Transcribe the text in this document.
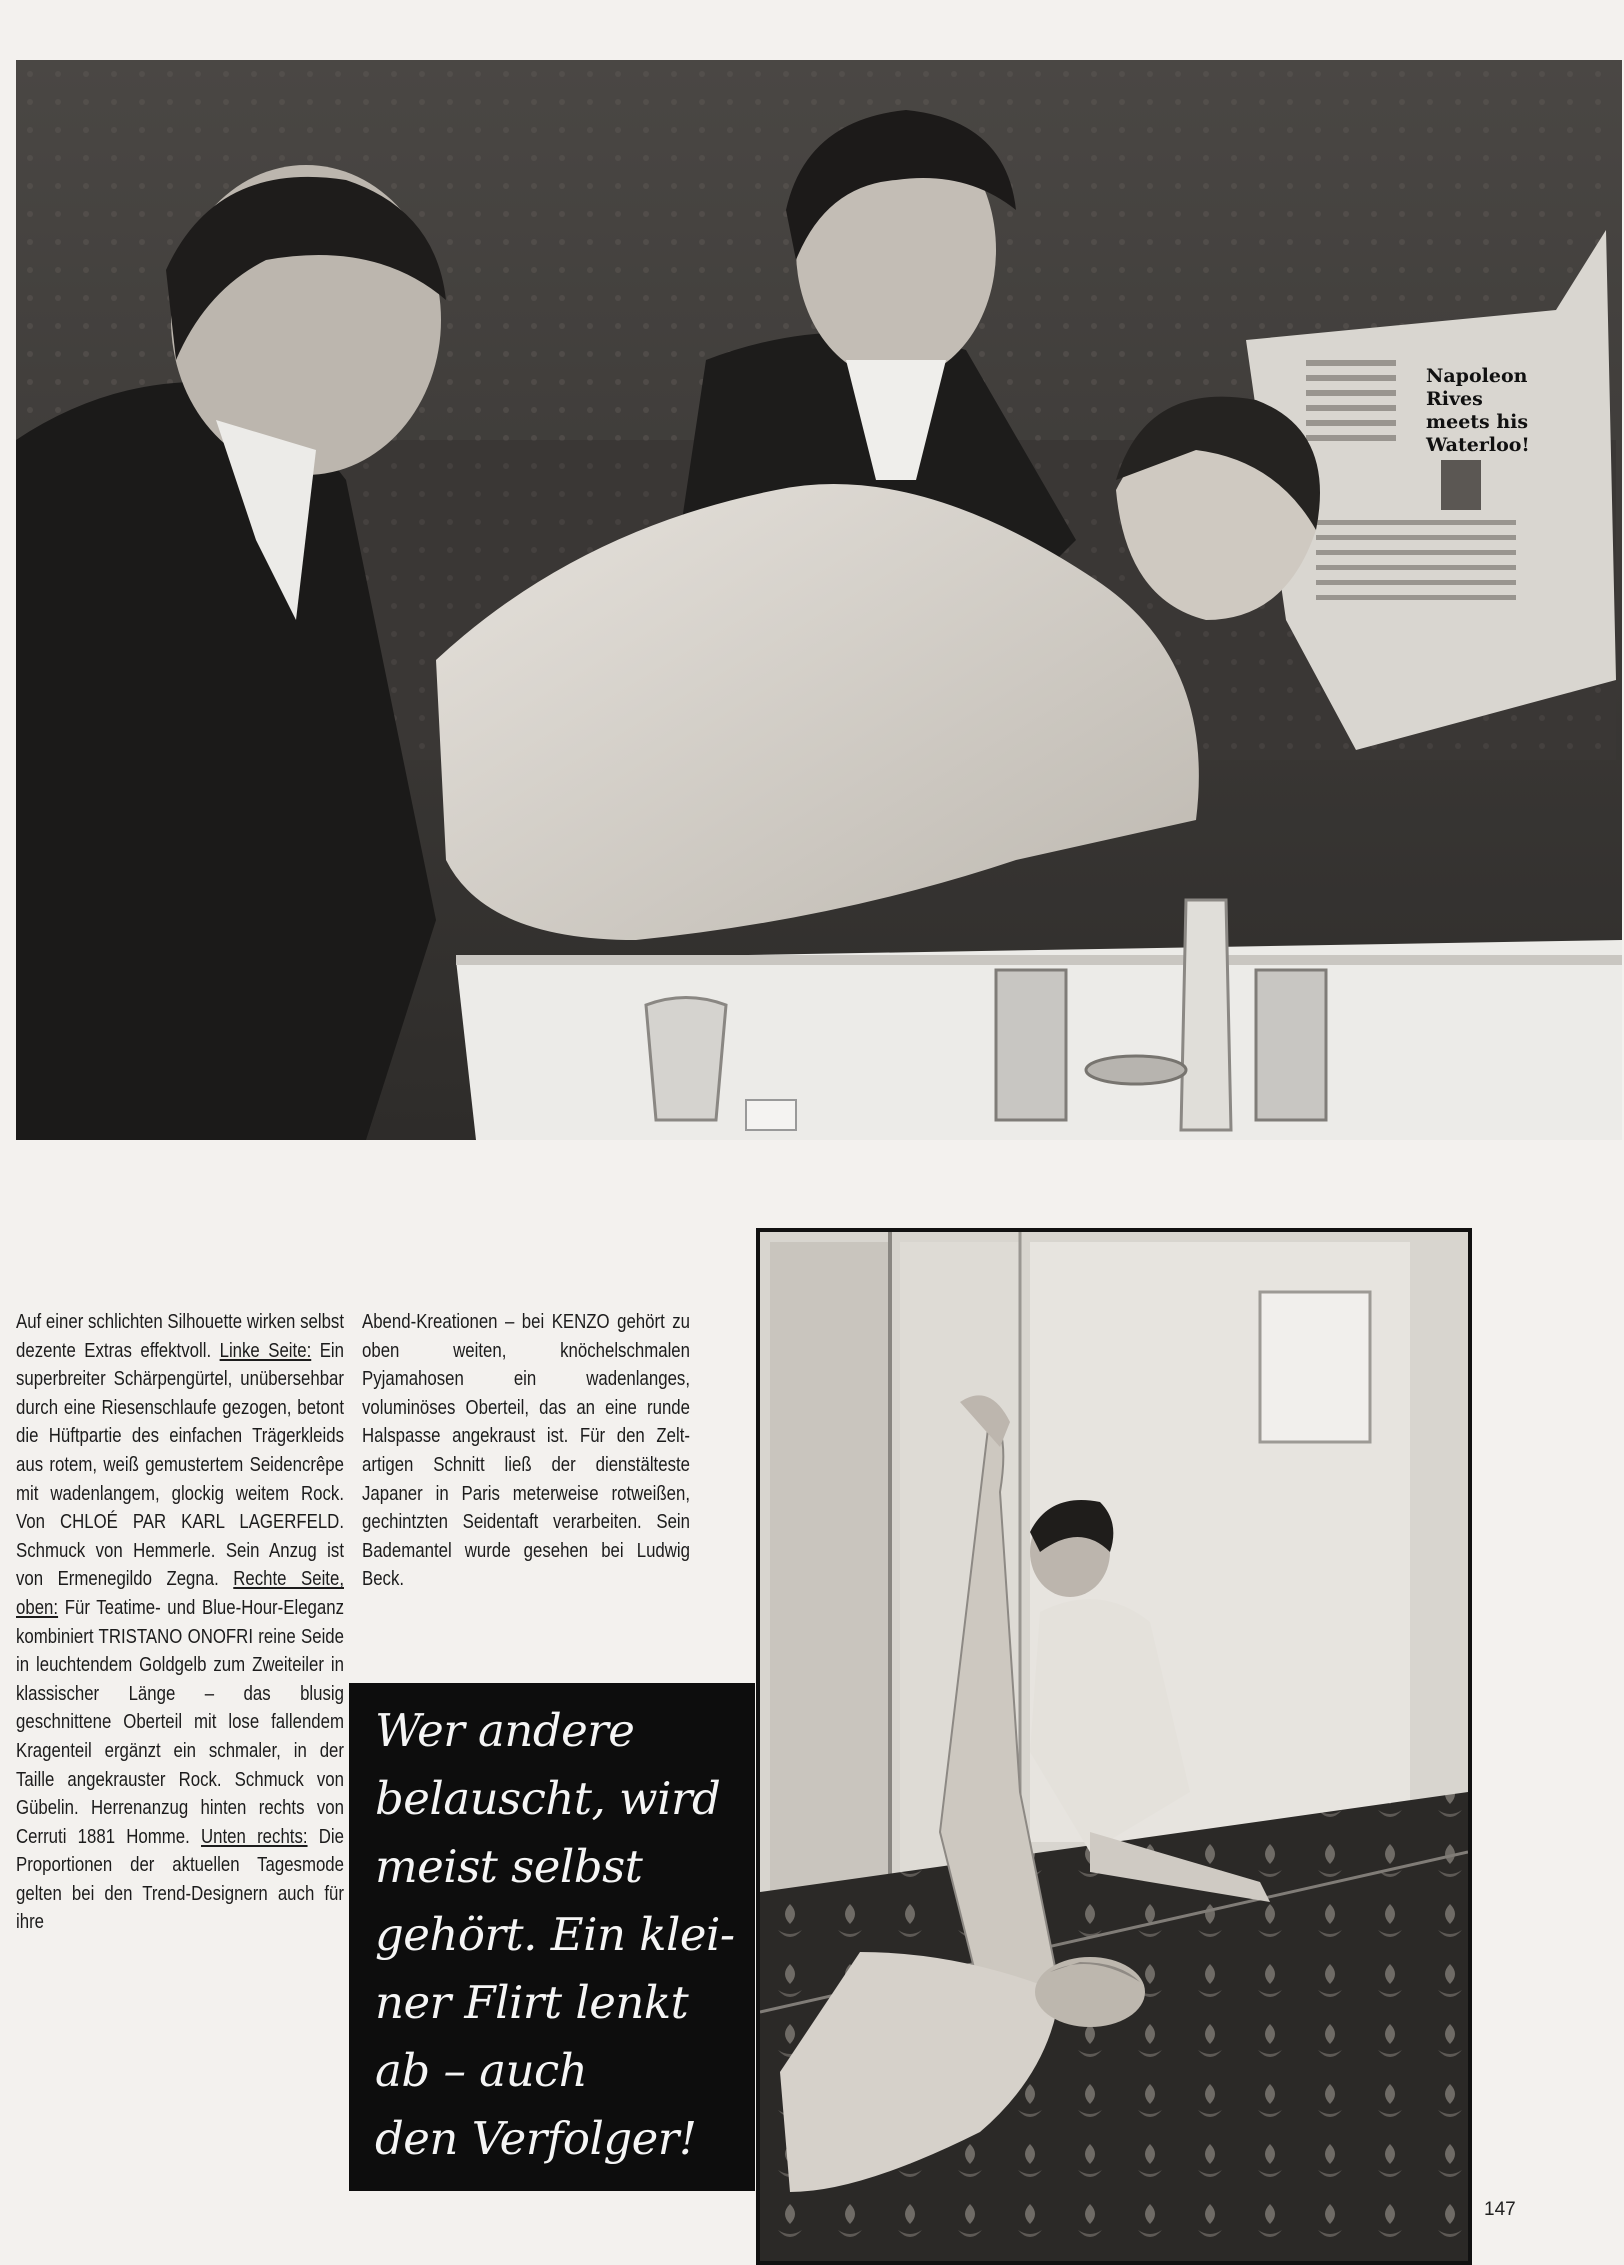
Napoleon
Rives
meets his
Waterloo!

Auf einer schlichten Silhouette wirken selbst dezente Extras effektvoll. Linke Seite: Ein superbreiter Schärpengürtel, unübersehbar durch eine Riesenschlaufe gezogen, betont die Hüftpartie des einfachen Trägerkleids aus rotem, weiß gemustertem Seidencrêpe mit wadenlangem, glockig weitem Rock. Von CHLOÉ PAR KARL LAGERFELD. Schmuck von Hemmerle. Sein Anzug ist von Ermenegildo Zegna. Rechte Seite, oben: Für Teatime- und Blue-Hour-Eleganz kombiniert TRISTANO ONOFRI reine Seide in leuchtendem Goldgelb zum Zweiteiler in klassischer Länge – das blusig geschnittene Oberteil mit lose fallendem Kragenteil ergänzt ein schmaler, in der Taille angekrauster Rock. Schmuck von Gübelin. Herrenanzug hinten rechts von Cerruti 1881 Homme. Unten rechts: Die Proportionen der aktuellen Tagesmode gelten bei den Trend-Designern auch für ihre

Abend-Kreationen – bei KENZO gehört zu oben weiten, knöchelschmalen Pyjamahosen ein wadenlanges, voluminöses Oberteil, das an eine runde Halspasse angekraust ist. Für den Zelt-artigen Schnitt ließ der dienstälteste Japaner in Paris meterweise rotweißen, gechintzten Seidentaft verarbeiten. Sein Bademantel wurde gesehen bei Ludwig Beck.

Wer andere
belauscht, wird
meist selbst
gehört. Ein klei-
ner Flirt lenkt
ab – auch
den Verfolger!

147
